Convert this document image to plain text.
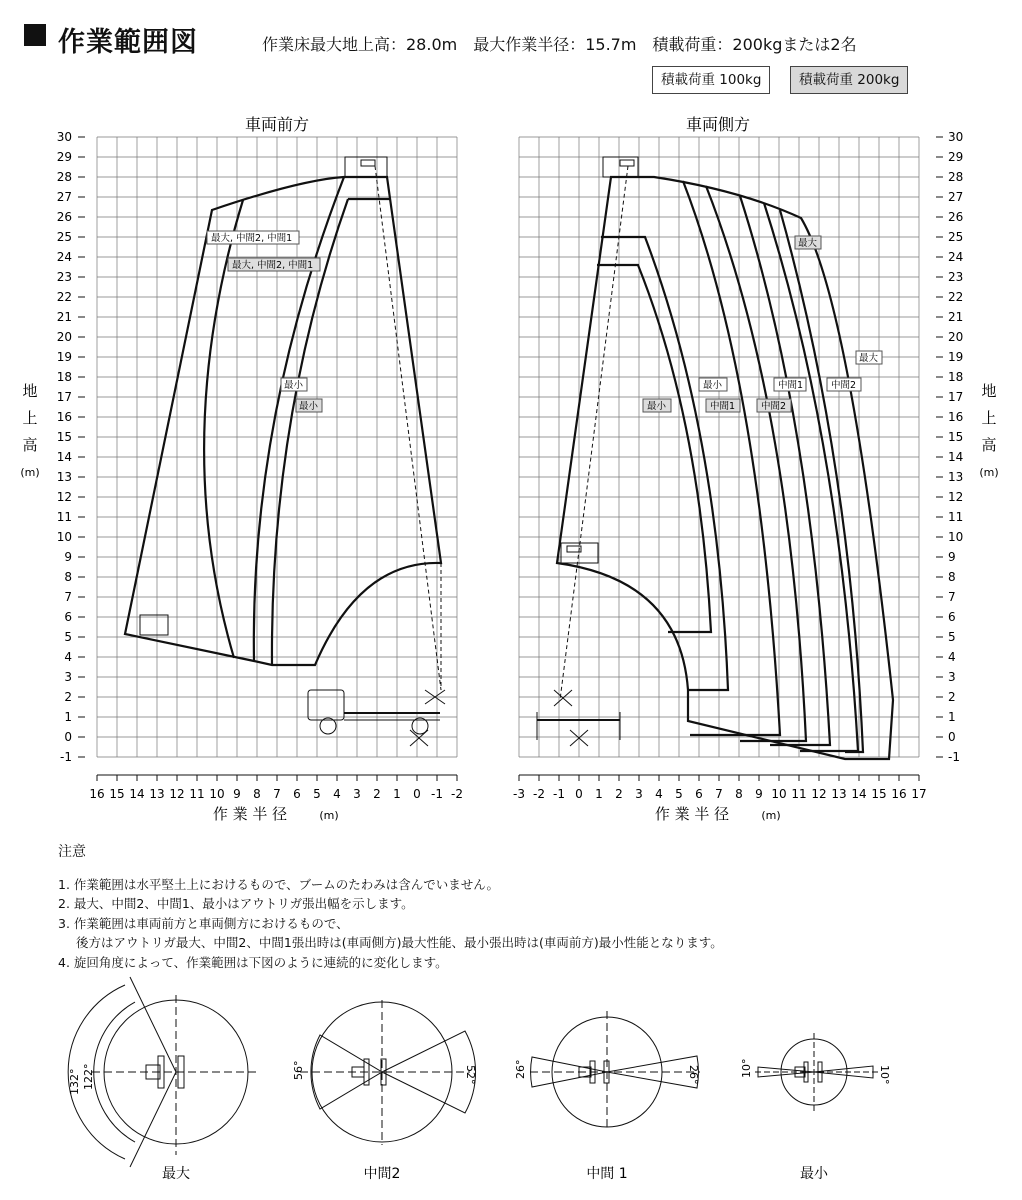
作業範囲図	作業床最大地上高：28.0m　最大作業半径：15.7m　積載荷重：200kgまたは2名
積載荷重 100kg	積載荷重 200kg
車両前方	車両側方
30	30
29	29
28	28
27	27
26	26
25	25
24	24
23	23
22	22
21	21
20	20
19	19
18	18
17	17
16	16
15	15
14	14
13	13
12	12
11	11
10	10
9	9
8	8
7	7
6	6
5	5
4	4
3	3
2	2
1	1
0	0
-1	-1
16 15 14 13 12 11 10 9 8 7 6 5 4 3 2 1 0 -1 -2	-3 -2 -1 0 1 2 3 4 5 6 7 8 9 10 11 12 13 14 15 16 17
最大, 中間2, 中間1
最大, 中間2, 中間1
最小
最小
最大
最大
最小
最小
中間1
中間1
中間2
中間2
地
上
高
(m)
地
上
高
(m)
作 業 半 径	(m)	作 業 半 径	(m)
注意
1. 作業範囲は水平堅土上におけるもので、ブームのたわみは含んでいません。
2. 最大、中間2、中間1、最小はアウトリガ張出幅を示します。
3. 作業範囲は車両前方と車両側方におけるもので、
後方はアウトリガ最大、中間2、中間1張出時は(車両側方)最大性能、最小張出時は(車両前方)最小性能となります。
4. 旋回角度によって、作業範囲は下図のように連続的に変化します。
132° 122°
最大
56°	52°
中間2
26°	26°
中間 1
10°	10°
最小
